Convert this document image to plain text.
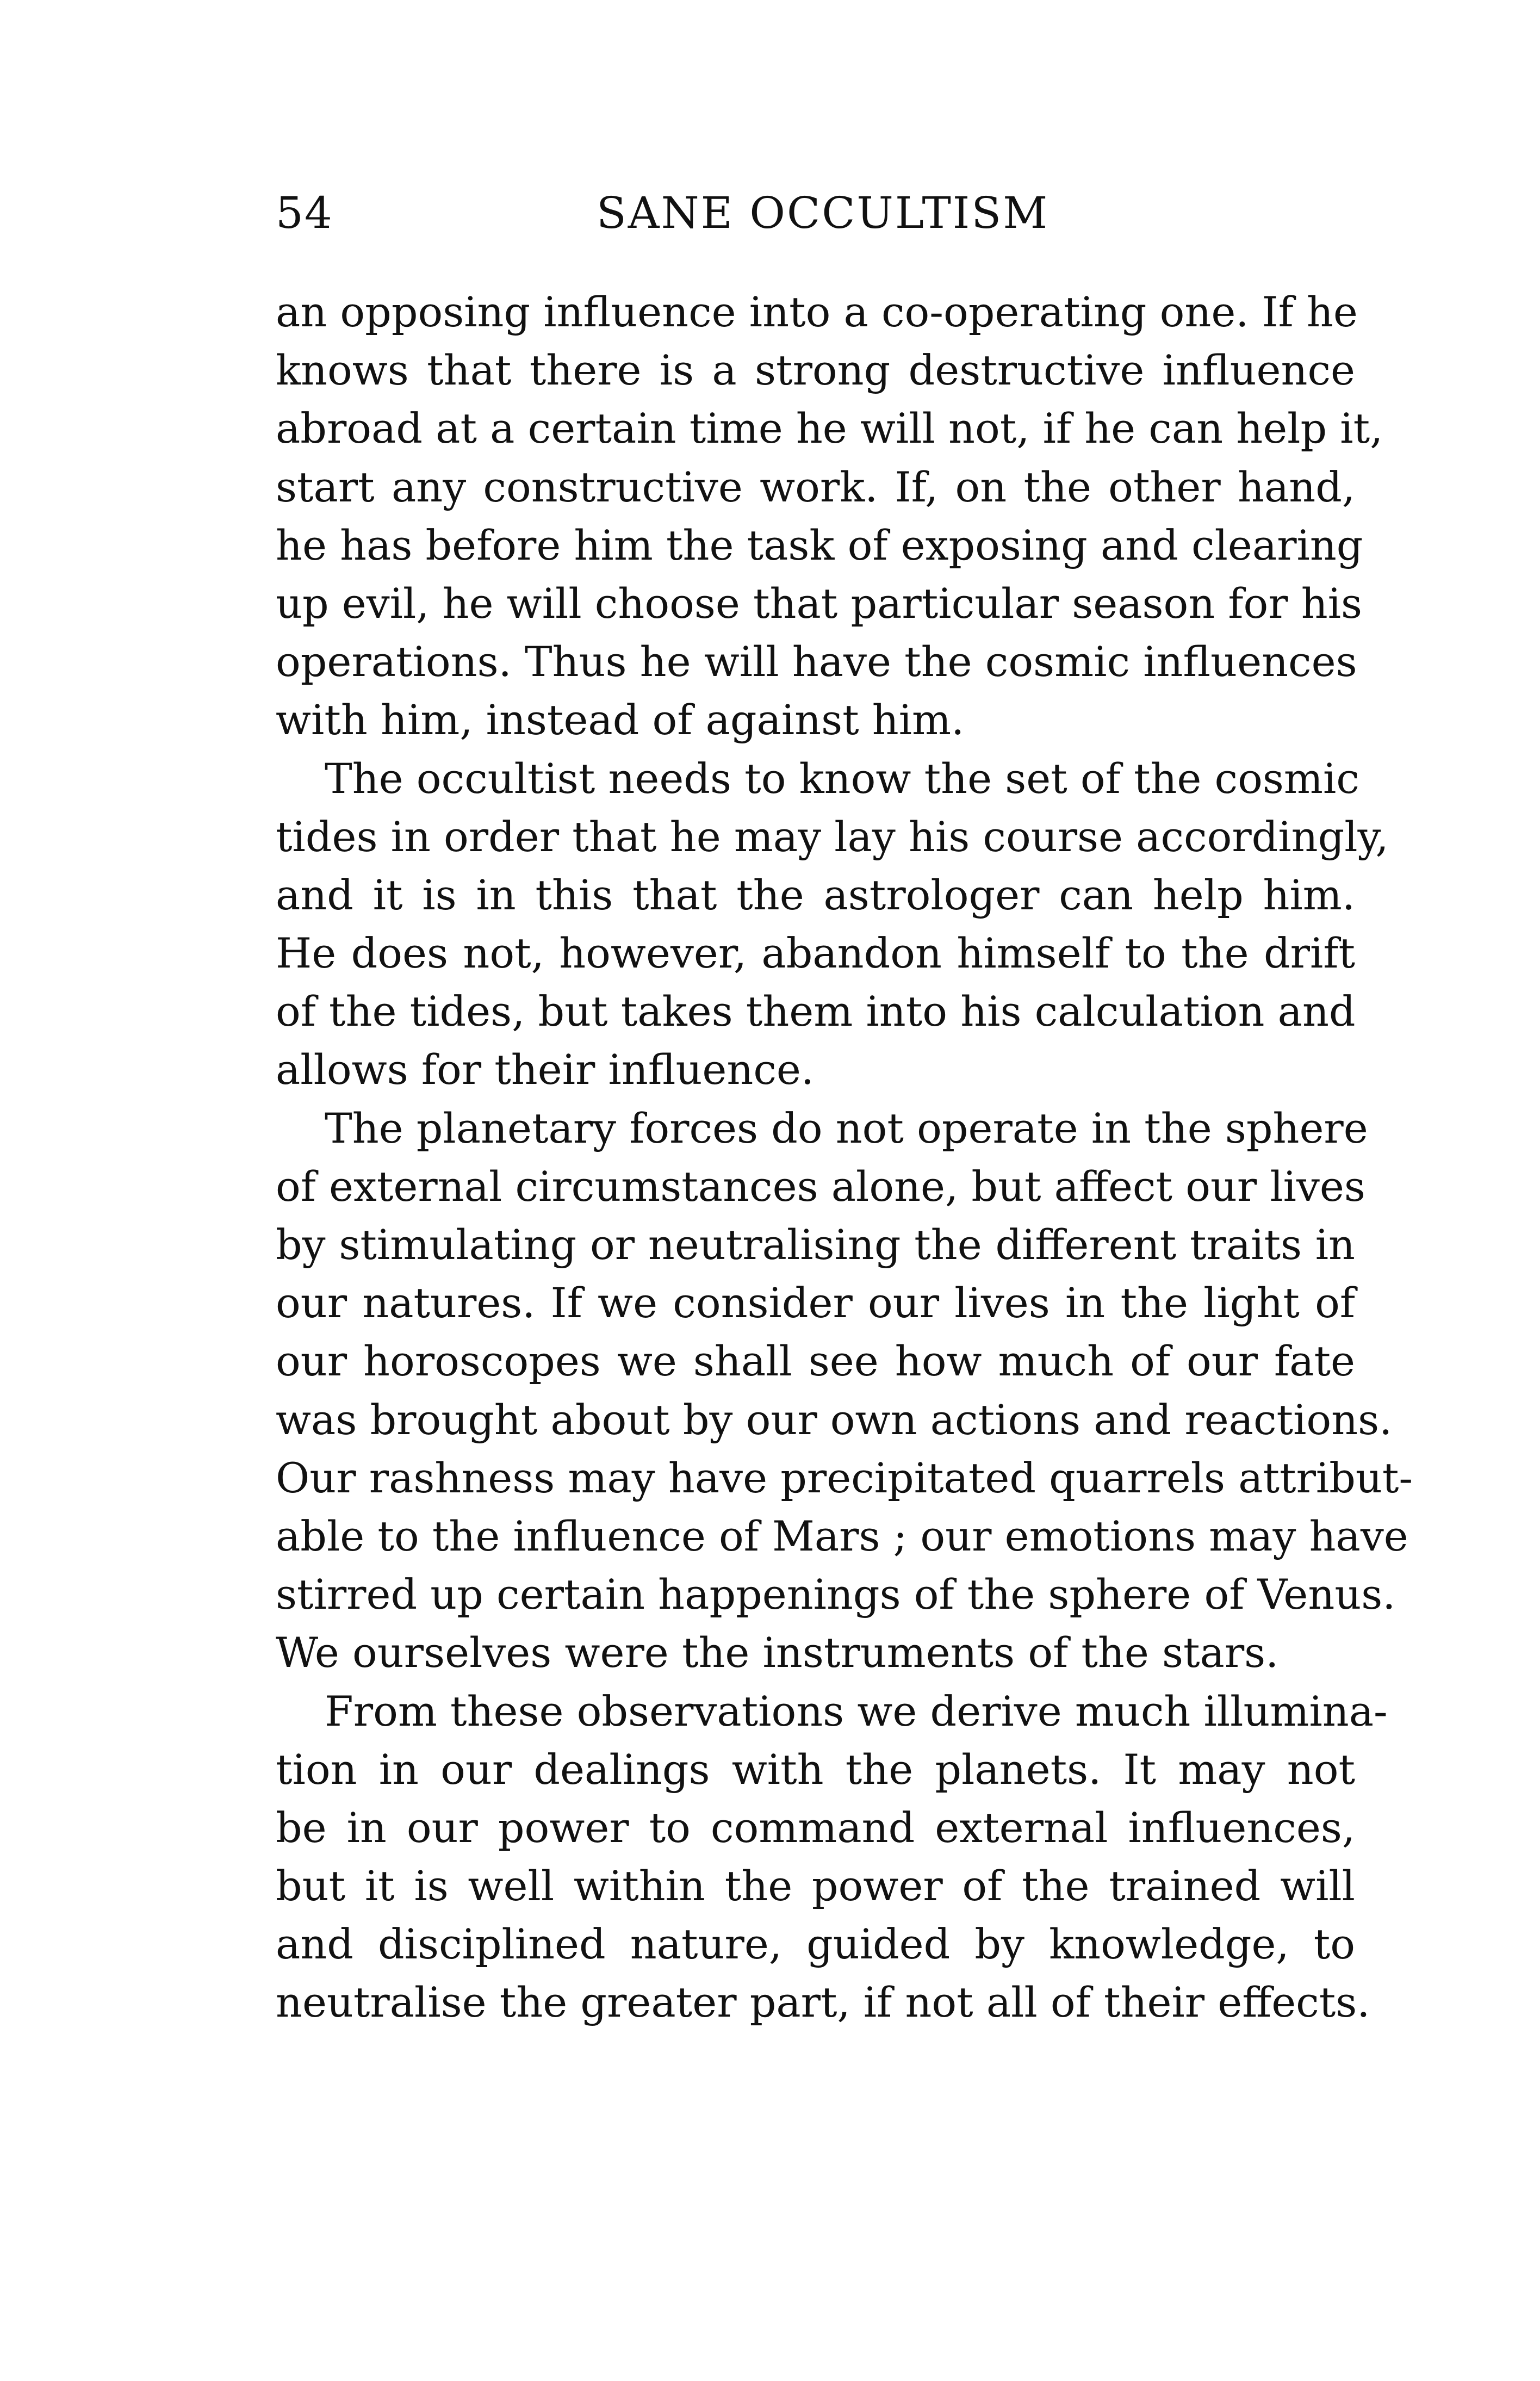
54	SANE OCCULTISM
an opposing influence into a co-operating one. If he
knows that there is a strong destructive influence
abroad at a certain time he will not, if he can help it,
start any constructive work. If, on the other hand,
he has before him the task of exposing and clearing
up evil, he will choose that particular season for his
operations. Thus he will have the cosmic influences
with him, instead of against him.
The occultist needs to know the set of the cosmic
tides in order that he may lay his course accordingly,
and it is in this that the astrologer can help him.
He does not, however, abandon himself to the drift
of the tides, but takes them into his calculation and
allows for their influence.
The planetary forces do not operate in the sphere
of external circumstances alone, but affect our lives
by stimulating or neutralising the different traits in
our natures. If we consider our lives in the light of
our horoscopes we shall see how much of our fate
was brought about by our own actions and reactions.
Our rashness may have precipitated quarrels attribut-
able to the influence of Mars ; our emotions may have
stirred up certain happenings of the sphere of Venus.
We ourselves were the instruments of the stars.
From these observations we derive much illumina-
tion in our dealings with the planets. It may not
be in our power to command external influences,
but it is well within the power of the trained will
and disciplined nature, guided by knowledge, to
neutralise the greater part, if not all of their effects.
